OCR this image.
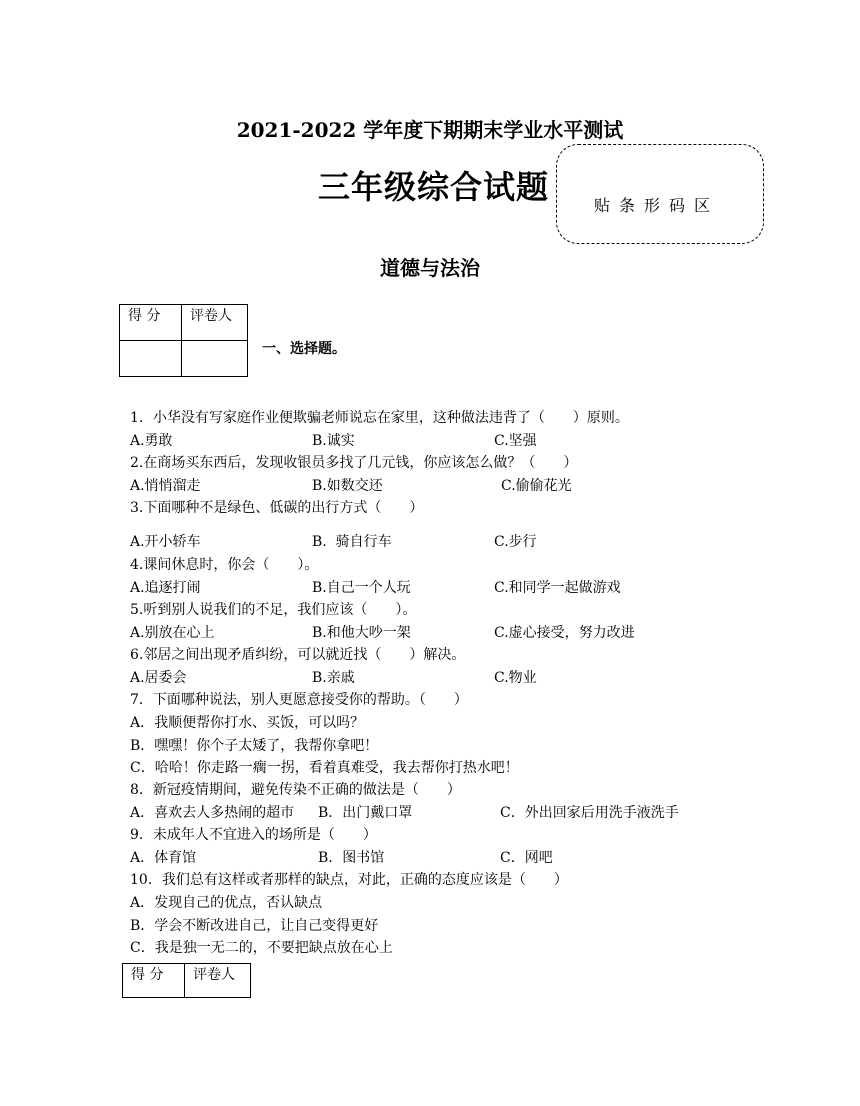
2021-2022 学年度下期期末学业水平测试
三年级综合试题	贴条形码区
道德与法治
得 分	评卷人

一、选择题。
1．小华没有写家庭作业便欺骗老师说忘在家里，这种做法违背了（　　）原则。
A.勇敢	B.诚实	C.坚强
2.在商场买东西后，发现收银员多找了几元钱，你应该怎么做？（　　）
A.悄悄溜走	B.如数交还	C.偷偷花光
3.下面哪种不是绿色、低碳的出行方式（　　）
A.开小轿车	B.  骑自行车	C.步行
4.课间休息时，你会（　　）。
A.追逐打闹	B.自己一个人玩	C.和同学一起做游戏
5.听到别人说我们的不足，我们应该（　　）。
A.别放在心上	B.和他大吵一架	C.虚心接受，努力改进
6.邻居之间出现矛盾纠纷，可以就近找（　　）解决。
A.居委会	B.亲戚	C.物业
7．下面哪种说法，别人更愿意接受你的帮助。（　　）
A．我顺便帮你打水、买饭，可以吗？
B．嘿嘿！你个子太矮了，我帮你拿吧！
C．哈哈！你走路一瘸一拐，看着真难受，我去帮你打热水吧！
8．新冠疫情期间，避免传染不正确的做法是（　　）
A．喜欢去人多热闹的超市 B．出门戴口罩	C．外出回家后用洗手液洗手
9．未成年人不宜进入的场所是（　　）
A．体育馆	B．图书馆	C．网吧
10．我们总有这样或者那样的缺点，对此，正确的态度应该是（　　）
A．发现自己的优点，否认缺点
B．学会不断改进自己，让自己变得更好
C．我是独一无二的，不要把缺点放在心上
得 分	评卷人
